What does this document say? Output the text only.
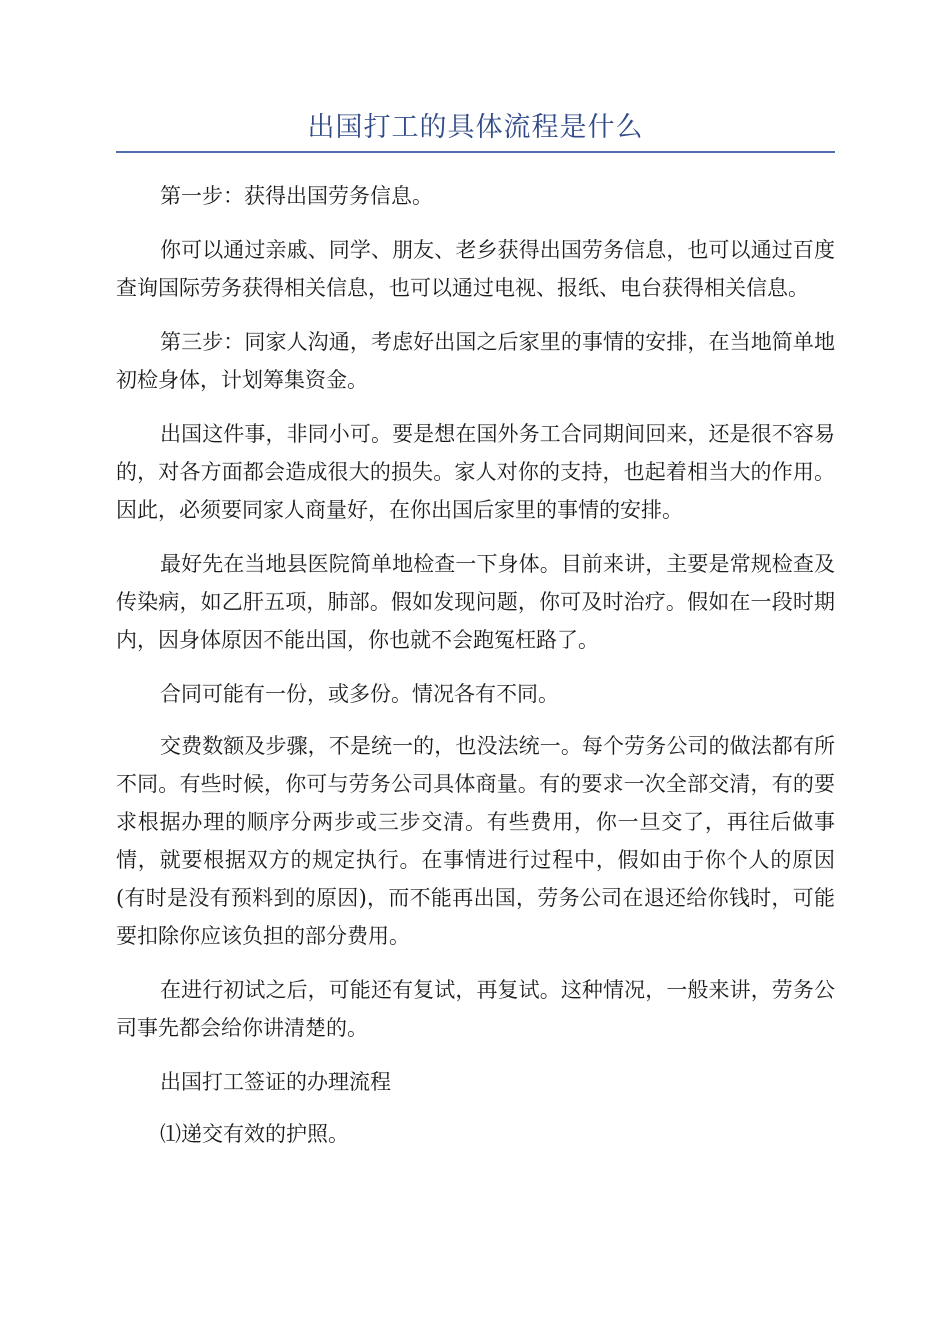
出国打工的具体流程是什么

第一步：获得出国劳务信息。

你可以通过亲戚、同学、朋友、老乡获得出国劳务信息，也可以通过百度查询国际劳务获得相关信息，也可以通过电视、报纸、电台获得相关信息。

第三步：同家人沟通，考虑好出国之后家里的事情的安排，在当地简单地初检身体，计划筹集资金。

出国这件事，非同小可。要是想在国外务工合同期间回来，还是很不容易的，对各方面都会造成很大的损失。家人对你的支持，也起着相当大的作用。因此，必须要同家人商量好，在你出国后家里的事情的安排。

最好先在当地县医院简单地检查一下身体。目前来讲，主要是常规检查及传染病，如乙肝五项，肺部。假如发现问题，你可及时治疗。假如在一段时期内，因身体原因不能出国，你也就不会跑冤枉路了。

合同可能有一份，或多份。情况各有不同。

交费数额及步骤，不是统一的，也没法统一。每个劳务公司的做法都有所不同。有些时候，你可与劳务公司具体商量。有的要求一次全部交清，有的要求根据办理的顺序分两步或三步交清。有些费用，你一旦交了，再往后做事情，就要根据双方的规定执行。在事情进行过程中，假如由于你个人的原因(有时是没有预料到的原因)，而不能再出国，劳务公司在退还给你钱时，可能要扣除你应该负担的部分费用。

在进行初试之后，可能还有复试，再复试。这种情况，一般来讲，劳务公司事先都会给你讲清楚的。

出国打工签证的办理流程

⑴递交有效的护照。
